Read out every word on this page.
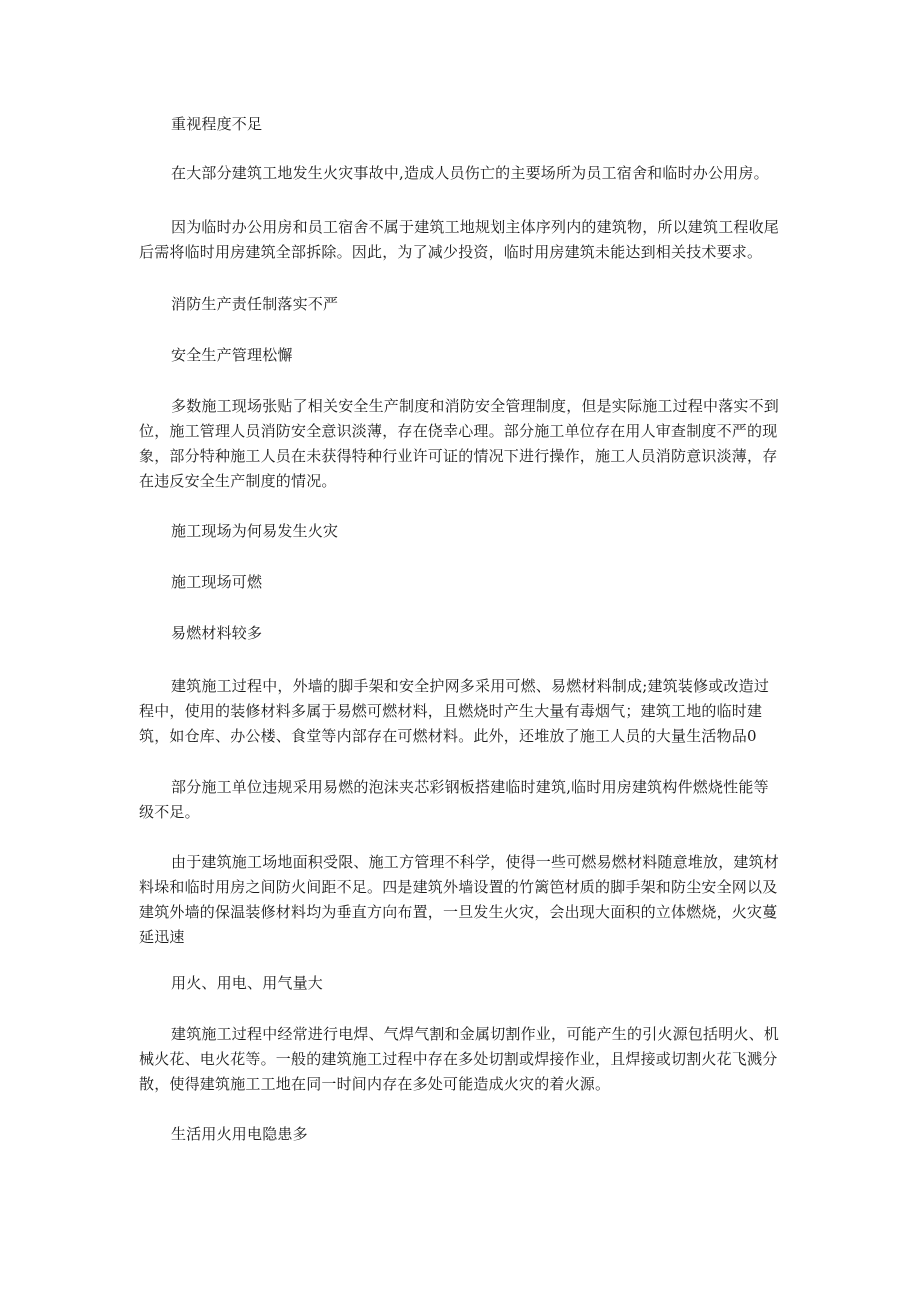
重视程度不足

在大部分建筑工地发生火灾事故中,造成人员伤亡的主要场所为员工宿舍和临时办公用房。

因为临时办公用房和员工宿舍不属于建筑工地规划主体序列内的建筑物，所以建筑工程收尾后需将临时用房建筑全部拆除。因此，为了减少投资，临时用房建筑未能达到相关技术要求。

消防生产责任制落实不严

安全生产管理松懈

多数施工现场张贴了相关安全生产制度和消防安全管理制度，但是实际施工过程中落实不到位，施工管理人员消防安全意识淡薄，存在侥幸心理。部分施工单位存在用人审查制度不严的现象，部分特种施工人员在未获得特种行业许可证的情况下进行操作，施工人员消防意识淡薄，存在违反安全生产制度的情况。

施工现场为何易发生火灾

施工现场可燃

易燃材料较多

建筑施工过程中，外墙的脚手架和安全护网多采用可燃、易燃材料制成;建筑装修或改造过程中，使用的装修材料多属于易燃可燃材料，且燃烧时产生大量有毒烟气；建筑工地的临时建筑，如仓库、办公楼、食堂等内部存在可燃材料。此外，还堆放了施工人员的大量生活物品0

部分施工单位违规采用易燃的泡沫夹芯彩钢板搭建临时建筑,临时用房建筑构件燃烧性能等级不足。

由于建筑施工场地面积受限、施工方管理不科学，使得一些可燃易燃材料随意堆放，建筑材料垛和临时用房之间防火间距不足。四是建筑外墙设置的竹篱笆材质的脚手架和防尘安全网以及建筑外墙的保温装修材料均为垂直方向布置，一旦发生火灾，会出现大面积的立体燃烧，火灾蔓延迅速

用火、用电、用气量大

建筑施工过程中经常进行电焊、气焊气割和金属切割作业，可能产生的引火源包括明火、机械火花、电火花等。一般的建筑施工过程中存在多处切割或焊接作业，且焊接或切割火花飞溅分散，使得建筑施工工地在同一时间内存在多处可能造成火灾的着火源。

生活用火用电隐患多
